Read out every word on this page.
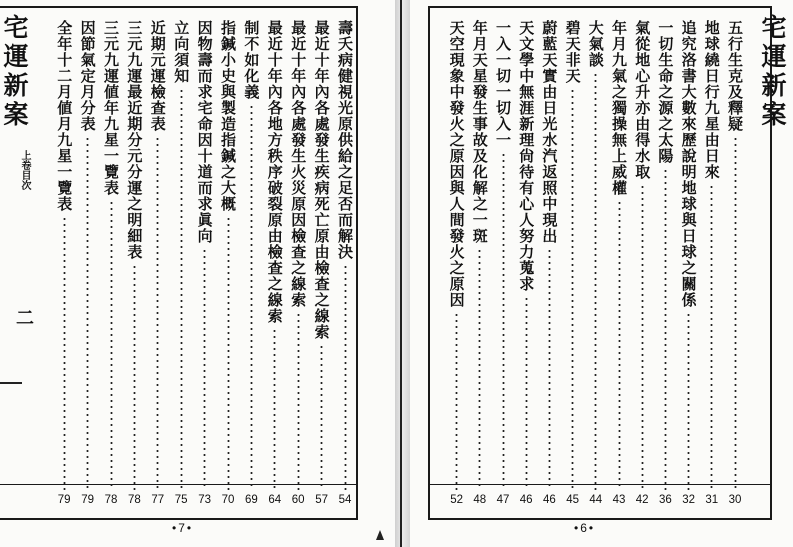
宅運新案
上卷目次
二
壽夭病健視光原供給之足否而解決
54
最近十年內各處發生疾病死亡原由檢查之線索
57
最近十年內各處發生火災原因檢查之線索
60
最近十年內各地方秩序破裂原由檢查之線索
64
制不如化義
69
指鍼小史與製造指鍼之大概
70
因物壽而求宅命因十道而求眞向
73
立向須知
75
近期元運檢查表
77
三元九運最近期分元分運之明細表
78
三元九運値年九星一覽表
78
因節氣定月分表
79
全年十二月値月九星一覽表
79
•7•
宅運新案
五行生克及釋疑
30
地球繞日行九星由日來
31
追究洛書大數來歷說明地球與日球之關係
32
一切生命之源之太陽
36
氣從地心升亦由得水取
42
年月九氣之獨操無上威權
43
大氣談
44
碧天非天
45
蔚藍天實由日光水汽返照中現出
46
天文學中無涯新理尙待有心人努力蒐求
46
一入一切一切入一
47
年月天星發生事故及化解之一斑
48
天空現象中發火之原因與人間發火之原因
52
•6•
